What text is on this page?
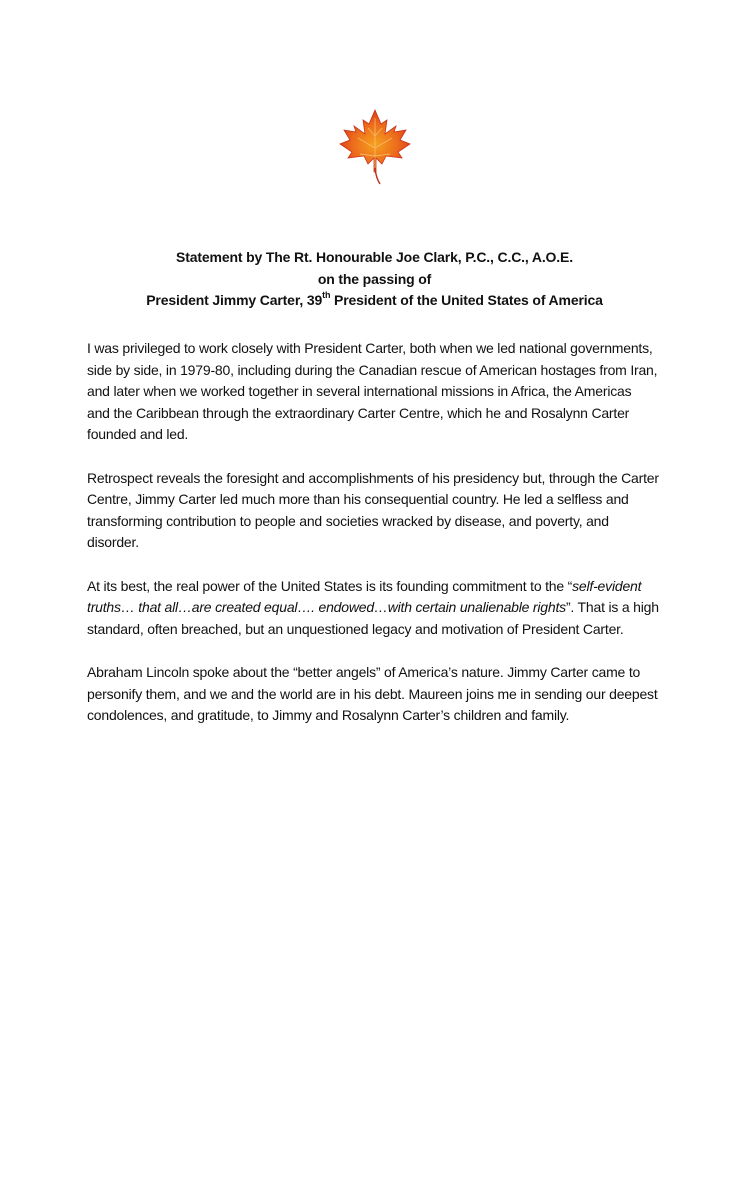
Statement by The Rt. Honourable Joe Clark, P.C., C.C., A.O.E.
on the passing of
President Jimmy Carter, 39th President of the United States of America

I was privileged to work closely with President Carter, both when we led national governments,
side by side, in 1979-80, including during the Canadian rescue of American hostages from Iran,
and later when we worked together in several international missions in Africa, the Americas
and the Caribbean through the extraordinary Carter Centre, which he and Rosalynn Carter
founded and led.

Retrospect reveals the foresight and accomplishments of his presidency but, through the Carter
Centre, Jimmy Carter led much more than his consequential country. He led a selfless and
transforming contribution to people and societies wracked by disease, and poverty, and
disorder.

At its best, the real power of the United States is its founding commitment to the “self-evident
truths… that all…are created equal…. endowed…with certain unalienable rights”. That is a high
standard, often breached, but an unquestioned legacy and motivation of President Carter.

Abraham Lincoln spoke about the “better angels” of America’s nature. Jimmy Carter came to
personify them, and we and the world are in his debt. Maureen joins me in sending our deepest
condolences, and gratitude, to Jimmy and Rosalynn Carter’s children and family.
